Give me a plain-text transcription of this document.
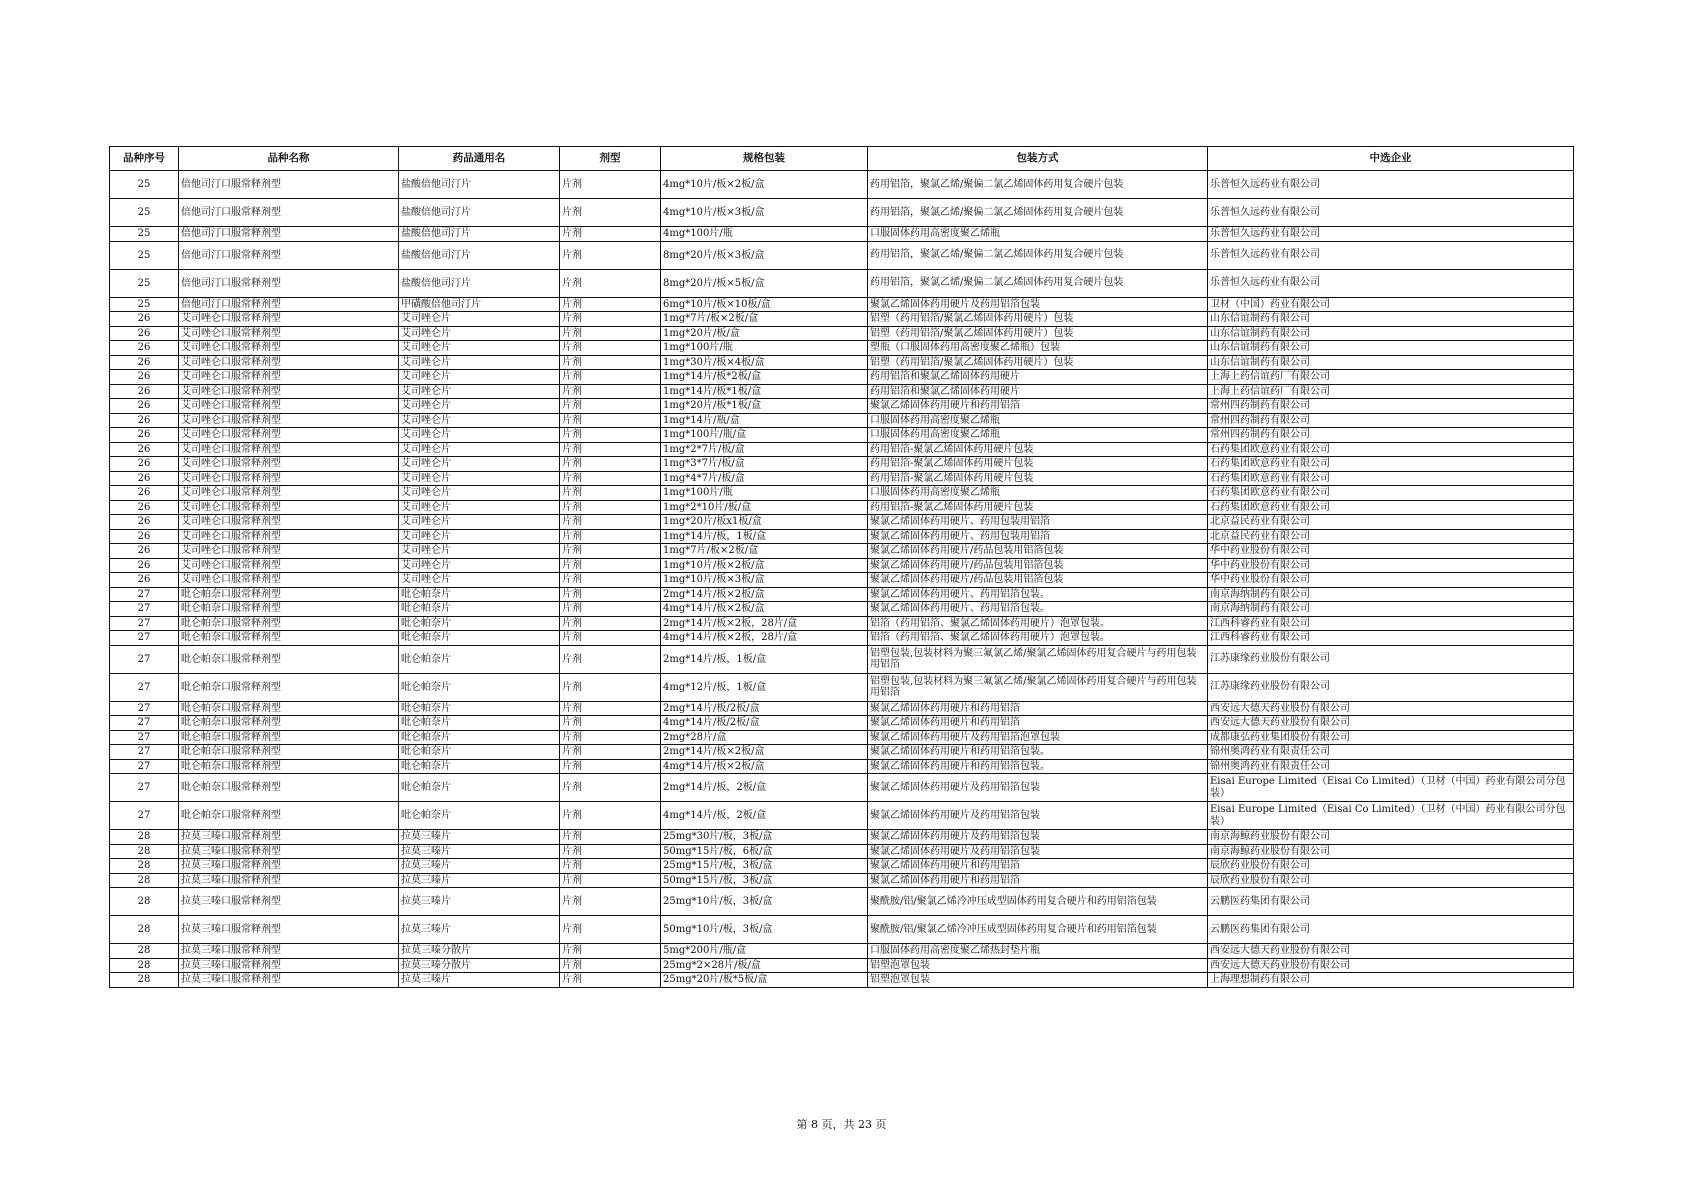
品种序号	品种名称	药品通用名	剂型	规格包装	包装方式	中选企业
25	倍他司汀口服常释剂型	盐酸倍他司汀片	片剂	4mg*10片/板×2板/盒	药用铝箔，聚氯乙烯/聚偏二氯乙烯固体药用复合硬片包装	乐普恒久远药业有限公司
25	倍他司汀口服常释剂型	盐酸倍他司汀片	片剂	4mg*10片/板×3板/盒	药用铝箔，聚氯乙烯/聚偏二氯乙烯固体药用复合硬片包装	乐普恒久远药业有限公司
25	倍他司汀口服常释剂型	盐酸倍他司汀片	片剂	4mg*100片/瓶	口服固体药用高密度聚乙烯瓶	乐普恒久远药业有限公司
25	倍他司汀口服常释剂型	盐酸倍他司汀片	片剂	8mg*20片/板×3板/盒	药用铝箔，聚氯乙烯/聚偏二氯乙烯固体药用复合硬片包装	乐普恒久远药业有限公司
25	倍他司汀口服常释剂型	盐酸倍他司汀片	片剂	8mg*20片/板×5板/盒	药用铝箔，聚氯乙烯/聚偏二氯乙烯固体药用复合硬片包装	乐普恒久远药业有限公司
25	倍他司汀口服常释剂型	甲磺酸倍他司汀片	片剂	6mg*10片/板×10板/盒	聚氯乙烯固体药用硬片及药用铝箔包装	卫材（中国）药业有限公司
26	艾司唑仑口服常释剂型	艾司唑仑片	片剂	1mg*7片/板×2板/盒	铝塑（药用铝箔/聚氯乙烯固体药用硬片）包装	山东信谊制药有限公司
26	艾司唑仑口服常释剂型	艾司唑仑片	片剂	1mg*20片/板/盒	铝塑（药用铝箔/聚氯乙烯固体药用硬片）包装	山东信谊制药有限公司
26	艾司唑仑口服常释剂型	艾司唑仑片	片剂	1mg*100片/瓶	塑瓶（口服固体药用高密度聚乙烯瓶）包装	山东信谊制药有限公司
26	艾司唑仑口服常释剂型	艾司唑仑片	片剂	1mg*30片/板×4板/盒	铝塑（药用铝箔/聚氯乙烯固体药用硬片）包装	山东信谊制药有限公司
26	艾司唑仑口服常释剂型	艾司唑仑片	片剂	1mg*14片/板*2板/盒	药用铝箔和聚氯乙烯固体药用硬片	上海上药信谊药厂有限公司
26	艾司唑仑口服常释剂型	艾司唑仑片	片剂	1mg*14片/板*1板/盒	药用铝箔和聚氯乙烯固体药用硬片	上海上药信谊药厂有限公司
26	艾司唑仑口服常释剂型	艾司唑仑片	片剂	1mg*20片/板*1板/盒	聚氯乙烯固体药用硬片和药用铝箔	常州四药制药有限公司
26	艾司唑仑口服常释剂型	艾司唑仑片	片剂	1mg*14片/瓶/盒	口服固体药用高密度聚乙烯瓶	常州四药制药有限公司
26	艾司唑仑口服常释剂型	艾司唑仑片	片剂	1mg*100片/瓶/盒	口服固体药用高密度聚乙烯瓶	常州四药制药有限公司
26	艾司唑仑口服常释剂型	艾司唑仑片	片剂	1mg*2*7片/板/盒	药用铝箔-聚氯乙烯固体药用硬片包装	石药集团欧意药业有限公司
26	艾司唑仑口服常释剂型	艾司唑仑片	片剂	1mg*3*7片/板/盒	药用铝箔-聚氯乙烯固体药用硬片包装	石药集团欧意药业有限公司
26	艾司唑仑口服常释剂型	艾司唑仑片	片剂	1mg*4*7片/板/盒	药用铝箔-聚氯乙烯固体药用硬片包装	石药集团欧意药业有限公司
26	艾司唑仑口服常释剂型	艾司唑仑片	片剂	1mg*100片/瓶	口服固体药用高密度聚乙烯瓶	石药集团欧意药业有限公司
26	艾司唑仑口服常释剂型	艾司唑仑片	片剂	1mg*2*10片/板/盒	药用铝箔-聚氯乙烯固体药用硬片包装	石药集团欧意药业有限公司
26	艾司唑仑口服常释剂型	艾司唑仑片	片剂	1mg*20片/板x1板/盒	聚氯乙烯固体药用硬片、药用包装用铝箔	北京益民药业有限公司
26	艾司唑仑口服常释剂型	艾司唑仑片	片剂	1mg*14片/板，1板/盒	聚氯乙烯固体药用硬片、药用包装用铝箔	北京益民药业有限公司
26	艾司唑仑口服常释剂型	艾司唑仑片	片剂	1mg*7片/板×2板/盒	聚氯乙烯固体药用硬片/药品包装用铝箔包装	华中药业股份有限公司
26	艾司唑仑口服常释剂型	艾司唑仑片	片剂	1mg*10片/板×2板/盒	聚氯乙烯固体药用硬片/药品包装用铝箔包装	华中药业股份有限公司
26	艾司唑仑口服常释剂型	艾司唑仑片	片剂	1mg*10片/板×3板/盒	聚氯乙烯固体药用硬片/药品包装用铝箔包装	华中药业股份有限公司
27	吡仑帕奈口服常释剂型	吡仑帕奈片	片剂	2mg*14片/板×2板/盒	聚氯乙烯固体药用硬片、药用铝箔包装。	南京海纳制药有限公司
27	吡仑帕奈口服常释剂型	吡仑帕奈片	片剂	4mg*14片/板×2板/盒	聚氯乙烯固体药用硬片、药用铝箔包装。	南京海纳制药有限公司
27	吡仑帕奈口服常释剂型	吡仑帕奈片	片剂	2mg*14片/板×2板，28片/盒	铝箔（药用铝箔、聚氯乙烯固体药用硬片）泡罩包装。	江西科睿药业有限公司
27	吡仑帕奈口服常释剂型	吡仑帕奈片	片剂	4mg*14片/板×2板，28片/盒	铝箔（药用铝箔、聚氯乙烯固体药用硬片）泡罩包装。	江西科睿药业有限公司
27	吡仑帕奈口服常释剂型	吡仑帕奈片	片剂	2mg*14片/板，1板/盒	铝塑包装,包装材料为聚三氟氯乙烯/聚氯乙烯固体药用复合硬片与药用包装用铝箔	江苏康缘药业股份有限公司
27	吡仑帕奈口服常释剂型	吡仑帕奈片	片剂	4mg*12片/板，1板/盒	铝塑包装,包装材料为聚三氟氯乙烯/聚氯乙烯固体药用复合硬片与药用包装用铝箔	江苏康缘药业股份有限公司
27	吡仑帕奈口服常释剂型	吡仑帕奈片	片剂	2mg*14片/板/2板/盒	聚氯乙烯固体药用硬片和药用铝箔	西安远大德天药业股份有限公司
27	吡仑帕奈口服常释剂型	吡仑帕奈片	片剂	4mg*14片/板/2板/盒	聚氯乙烯固体药用硬片和药用铝箔	西安远大德天药业股份有限公司
27	吡仑帕奈口服常释剂型	吡仑帕奈片	片剂	2mg*28片/盒	聚氯乙烯固体药用硬片及药用铝箔泡罩包装	成都康弘药业集团股份有限公司
27	吡仑帕奈口服常释剂型	吡仑帕奈片	片剂	2mg*14片/板×2板/盒	聚氯乙烯固体药用硬片和药用铝箔包装。	锦州奥鸿药业有限责任公司
27	吡仑帕奈口服常释剂型	吡仑帕奈片	片剂	4mg*14片/板×2板/盒	聚氯乙烯固体药用硬片和药用铝箔包装。	锦州奥鸿药业有限责任公司
27	吡仑帕奈口服常释剂型	吡仑帕奈片	片剂	2mg*14片/板，2板/盒	聚氯乙烯固体药用硬片及药用铝箔包装	Eisai Europe Limited（Eisai Co Limited）（卫材（中国）药业有限公司分包装）
27	吡仑帕奈口服常释剂型	吡仑帕奈片	片剂	4mg*14片/板，2板/盒	聚氯乙烯固体药用硬片及药用铝箔包装	Eisai Europe Limited（Eisai Co Limited）（卫材（中国）药业有限公司分包装）
28	拉莫三嗪口服常释剂型	拉莫三嗪片	片剂	25mg*30片/板，3板/盒	聚氯乙烯固体药用硬片及药用铝箔包装	南京海鲸药业股份有限公司
28	拉莫三嗪口服常释剂型	拉莫三嗪片	片剂	50mg*15片/板，6板/盒	聚氯乙烯固体药用硬片及药用铝箔包装	南京海鲸药业股份有限公司
28	拉莫三嗪口服常释剂型	拉莫三嗪片	片剂	25mg*15片/板，3板/盒	聚氯乙烯固体药用硬片和药用铝箔	辰欣药业股份有限公司
28	拉莫三嗪口服常释剂型	拉莫三嗪片	片剂	50mg*15片/板，3板/盒	聚氯乙烯固体药用硬片和药用铝箔	辰欣药业股份有限公司
28	拉莫三嗪口服常释剂型	拉莫三嗪片	片剂	25mg*10片/板，3板/盒	聚酰胺/铝/聚氯乙烯冷冲压成型固体药用复合硬片和药用铝箔包装	云鹏医药集团有限公司
28	拉莫三嗪口服常释剂型	拉莫三嗪片	片剂	50mg*10片/板，3板/盒	聚酰胺/铝/聚氯乙烯冷冲压成型固体药用复合硬片和药用铝箔包装	云鹏医药集团有限公司
28	拉莫三嗪口服常释剂型	拉莫三嗪分散片	片剂	5mg*200片/瓶/盒	口服固体药用高密度聚乙烯热封垫片瓶	西安远大德天药业股份有限公司
28	拉莫三嗪口服常释剂型	拉莫三嗪分散片	片剂	25mg*2×28片/板/盒	铝塑泡罩包装	西安远大德天药业股份有限公司
28	拉莫三嗪口服常释剂型	拉莫三嗪片	片剂	25mg*20片/板*5板/盒	铝塑泡罩包装	上海理想制药有限公司
第 8 页，共 23 页
